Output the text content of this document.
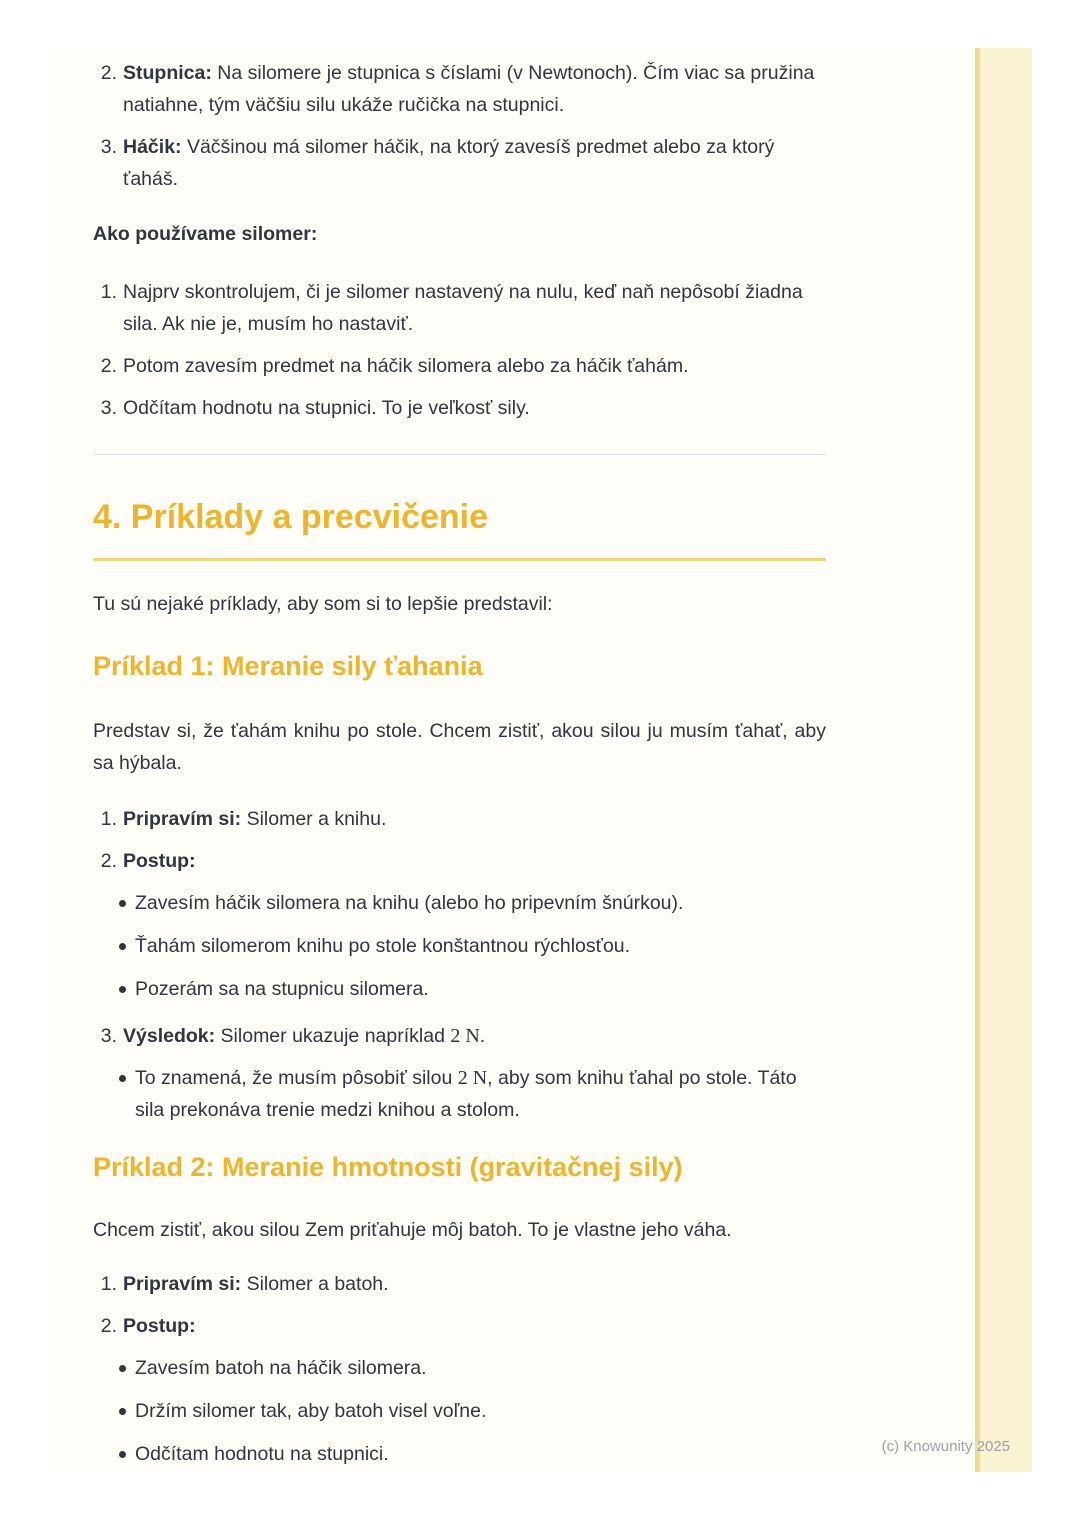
2. Stupnica: Na silomere je stupnica s číslami (v Newtonoch). Čím viac sa pružina natiahne, tým väčšiu silu ukáže ručička na stupnici.
3. Háčik: Väčšinou má silomer háčik, na ktorý zavesíš predmet alebo za ktorý ťaháš.
Ako používame silomer:
1. Najprv skontrolujem, či je silomer nastavený na nulu, keď naň nepôsobí žiadna sila. Ak nie je, musím ho nastaviť.
2. Potom zavesím predmet na háčik silomera alebo za háčik ťahám.
3. Odčítam hodnotu na stupnici. To je veľkosť sily.
4. Príklady a precvičenie
Tu sú nejaké príklady, aby som si to lepšie predstavil:
Príklad 1: Meranie sily ťahania
Predstav si, že ťahám knihu po stole. Chcem zistiť, akou silou ju musím ťahať, aby sa hýbala.
1. Pripravím si: Silomer a knihu.
2. Postup:
Zavesím háčik silomera na knihu (alebo ho pripevním šnúrkou).
Ťahám silomerom knihu po stole konštantnou rýchlosťou.
Pozerám sa na stupnicu silomera.
3. Výsledok: Silomer ukazuje napríklad 2 N.
To znamená, že musím pôsobiť silou 2 N, aby som knihu ťahal po stole. Táto sila prekonáva trenie medzi knihou a stolom.
Príklad 2: Meranie hmotnosti (gravitačnej sily)
Chcem zistiť, akou silou Zem priťahuje môj batoh. To je vlastne jeho váha.
1. Pripravím si: Silomer a batoh.
2. Postup:
Zavesím batoh na háčik silomera.
Držím silomer tak, aby batoh visel voľne.
Odčítam hodnotu na stupnici.	(c) Knowunity 2025
